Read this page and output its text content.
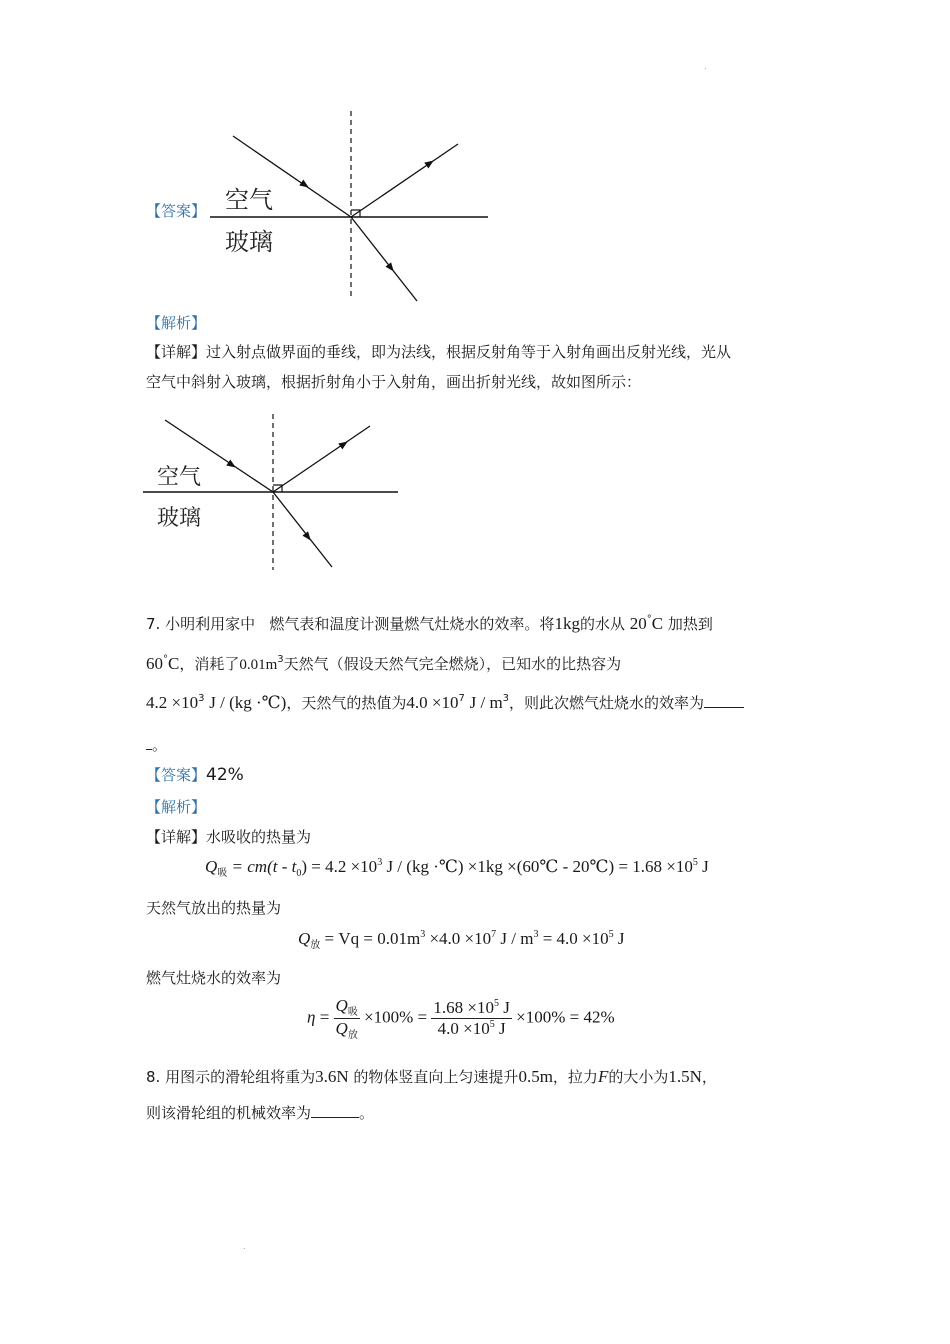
.
.
【答案】 空气
玻璃
【解析】
【详解】过入射点做界面的垂线，即为法线，根据反射角等于入射角画出反射光线，光从
空气中斜射入玻璃，根据折射角小于入射角，画出折射光线，故如图所示：
空气
玻璃
7. 小明利用家中 燃气表和温度计测量燃气灶烧水的效率。将1kg的水从 20°C 加热到
60°C，消耗了$0.01m^3$天然气（假设天然气完全燃烧），已知水的比热容为
$4.2 \times 10^3$ J / (kg ·℃)，天然气的热值为$4.0 \times 10^7$ J / $m^3$，则此次燃气灶烧水的效率为
。
【答案】42%
【解析】
【详解】水吸收的热量为
$Q_吸 = cm(t - t_0) = 4.2 \times 10^3$ J / (kg ·℃) ×1kg ×(60℃ - 20℃) = $1.68 \times 10^5$ J
天然气放出的热量为
$Q_放 = Vq = 0.01m^3 \times 4.0 \times 10^7$ $J / m^3 = 4.0 \times 10^5$ J
燃气灶烧水的效率为
$\eta = \frac{Q_吸}{Q_放} \times 100\% = \frac{1.68 \times 10^5 J}{4.0 \times 10^5 J} \times 100\% = 42\%$
8. 用图示的滑轮组将重为3.6N 的物体竖直向上匀速提升0.5m，拉力F的大小为1.5N，
则该滑轮组的机械效率为	。
